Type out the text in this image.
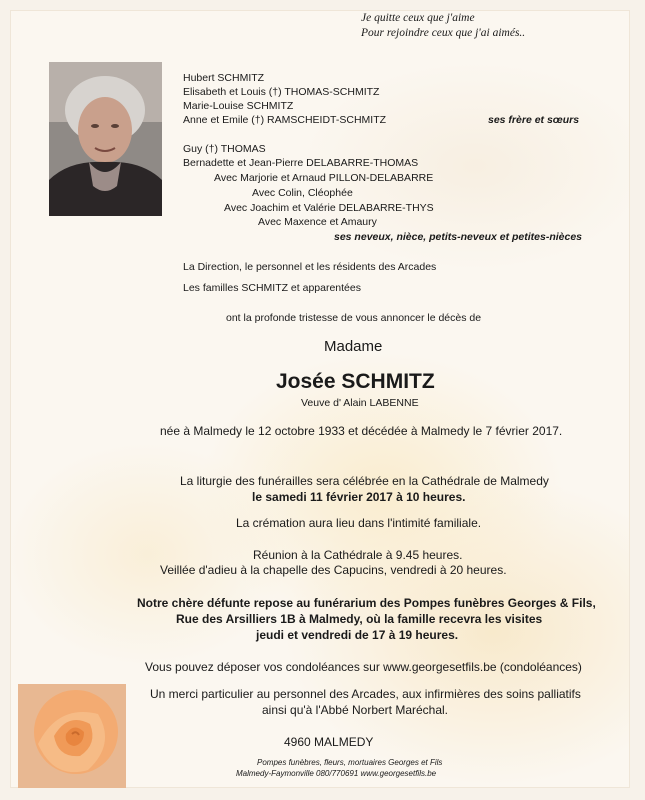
Je quitte ceux que j'aime
Pour rejoindre ceux que j'ai aimés..
Hubert SCHMITZ
Elisabeth et Louis (†) THOMAS-SCHMITZ
Marie-Louise SCHMITZ
Anne et Emile (†) RAMSCHEIDT-SCHMITZ	ses frère et sœurs
Guy (†) THOMAS
Bernadette et Jean-Pierre DELABARRE-THOMAS
Avec Marjorie et Arnaud PILLON-DELABARRE
Avec Colin, Cléophée
Avec Joachim et Valérie DELABARRE-THYS
Avec Maxence et Amaury
ses neveux, nièce, petits-neveux et petites-nièces
La Direction, le personnel et les résidents des Arcades
Les familles SCHMITZ et apparentées
ont la profonde tristesse de vous annoncer le décès de
Madame
Josée SCHMITZ
Veuve d' Alain LABENNE
née à Malmedy le 12 octobre 1933 et décédée à Malmedy le 7 février 2017.
La liturgie des funérailles sera célébrée en la Cathédrale de Malmedy
le samedi 11 février 2017 à 10 heures.
La crémation aura lieu dans l'intimité familiale.
Réunion à la Cathédrale à 9.45 heures.
Veillée d'adieu à la chapelle des Capucins, vendredi à 20 heures.
Notre chère défunte repose au funérarium des Pompes funèbres Georges & Fils,
Rue des Arsilliers 1B à Malmedy, où la famille recevra les visites
jeudi et vendredi de 17 à 19 heures.
Vous pouvez déposer vos condoléances sur www.georgesetfils.be (condoléances)
Un merci particulier au personnel des Arcades, aux infirmières des soins palliatifs
ainsi qu'à l'Abbé Norbert Maréchal.
4960 MALMEDY
Pompes funèbres, fleurs, mortuaires Georges et Fils
Malmedy-Faymonville 080/770691 www.georgesetfils.be
